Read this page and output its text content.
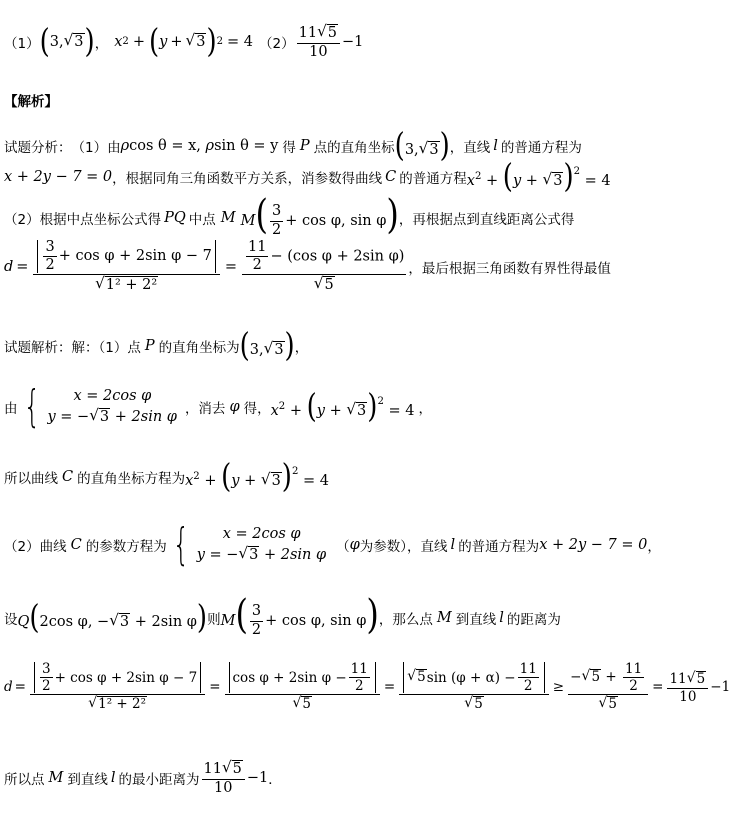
（1） ( 3, √ 3 ) ， x 2 + ( y + √ 3 ) 2 = 4 $(2) \frac{11 √ 5}{10} -1$
【解析】
试题分析： （1）由 ρcos θ = x, ρsin θ = y 得 P 点的直角坐标 (3, √ 3 ) ，直线 l 的普通方程为
x + 2y − 7 = 0 ，根据同角三角函数平方关系，消参数得曲线 C 的普通方程 $x^2 + (y$ + √ 3 )$^2$ = 4
（2）根据中点坐标公式得 PQ 中点 M $M( \frac{3}{2} + \cos \varphi$, sin φ) ，再根据点到直线距离公式得
$d = \frac{\frac{3}{2} + \cos \varphi + 2\sin \varphi - 7}{\text{√ 1² + 2²}} = \frac{\frac{11}{2} - (\cos \varphi + 2\sin \varphi)}{√ 5}$ ，最后根据三角函数有界性得最值
试题解析： 解：（1）点 P 的直角坐标为 (3, √ 3 ) ，
由 {	x = 2cos φ
y = − √ 3 + 2sin φ ，消去 φ 得， $x^2 + (y$ + √ 3 )$^2$ = 4 ，
所以曲线 C 的直角坐标方程为 $x^2 + (y$ + √ 3 )$^2$ = 4
（2）曲线 C 的参数方程为 {	x = 2cos φ
y = − √ 3 + 2sin φ （ φ 为参数），直线 l 的普通方程为 x + 2y − 7 = 0 ，
设 Q(2cos φ, − √ 3 + 2sin φ) 则 $M( \frac{3}{2} + \cos \varphi$, sin φ) ，那么点 M 到直线 l 的距离为
$d = \frac{\frac{3}{2} + \cos \varphi + 2\sin \varphi - 7}{\text{√ 1² + 2²}} = \frac{\cos \varphi + 2\sin \varphi - \frac{11}{2}}{√ 5} = \frac{√ 5 \sin (\varphi + \alpha) - \frac{11}{2}}{√ 5} \ge \frac{- √ 5 + \frac{11}{2}}{√ 5} = \frac{11 √ 5}{10} -1$
所以点 M 到直线 l 的最小距离为 $\frac{11 √ 5}{10} -1$ ．
